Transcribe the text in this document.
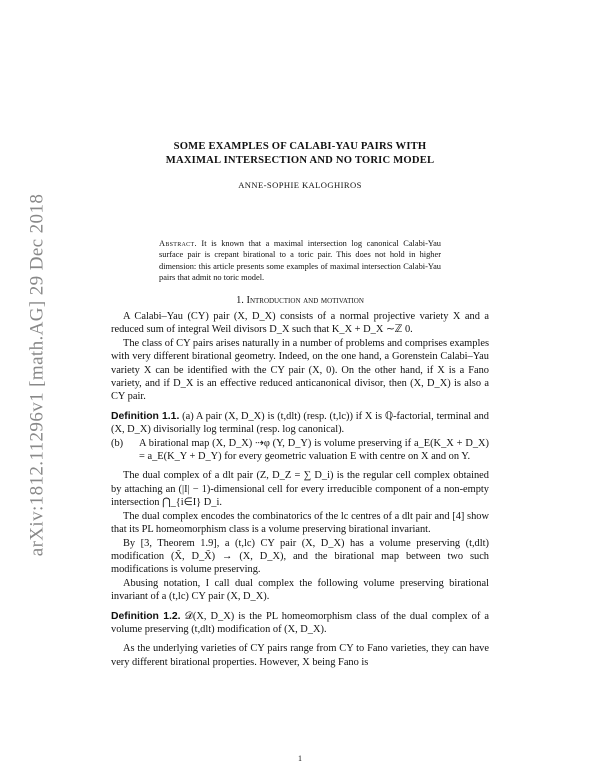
arXiv:1812.11296v1 [math.AG] 29 Dec 2018
SOME EXAMPLES OF CALABI-YAU PAIRS WITH
MAXIMAL INTERSECTION AND NO TORIC MODEL
ANNE-SOPHIE KALOGHIROS
Abstract. It is known that a maximal intersection log canonical Calabi-Yau surface pair is crepant birational to a toric pair. This does not hold in higher dimension: this article presents some examples of maximal intersection Calabi-Yau pairs that admit no toric model.
1. Introduction and motivation

A Calabi–Yau (CY) pair (X, D_X) consists of a normal projective variety X and a reduced sum of integral Weil divisors D_X such that K_X + D_X ∼ℤ 0.

The class of CY pairs arises naturally in a number of problems and comprises examples with very different birational geometry. Indeed, on the one hand, a Gorenstein Calabi–Yau variety X can be identified with the CY pair (X, 0). On the other hand, if X is a Fano variety, and if D_X is an effective reduced anticanonical divisor, then (X, D_X) is also a CY pair.

Definition 1.1. (a) A pair (X, D_X) is (t,dlt) (resp. (t,lc)) if X is ℚ-factorial, terminal and (X, D_X) divisorially log terminal (resp. log canonical).

(b)	A birational map (X, D_X) ⇢φ (Y, D_Y) is volume preserving if a_E(K_X + D_X) = a_E(K_Y + D_Y) for every geometric valuation E with centre on X and on Y.

The dual complex of a dlt pair (Z, D_Z = ∑ D_i) is the regular cell complex obtained by attaching an (|I| − 1)-dimensional cell for every irreducible component of a non-empty intersection ⋂_{i∈I} D_i.

The dual complex encodes the combinatorics of the lc centres of a dlt pair and [4] show that its PL homeomorphism class is a volume preserving birational invariant.

By [3, Theorem 1.9], a (t,lc) CY pair (X, D_X) has a volume preserving (t,dlt) modification (X̃, D_X̃) → (X, D_X), and the birational map between two such modifications is volume preserving.

Abusing notation, I call dual complex the following volume preserving birational invariant of a (t,lc) CY pair (X, D_X).

Definition 1.2. 𝒟(X, D_X) is the PL homeomorphism class of the dual complex of a volume preserving (t,dlt) modification of (X, D_X).

As the underlying varieties of CY pairs range from CY to Fano varieties, they can have very different birational properties. However, X being Fano is

1
